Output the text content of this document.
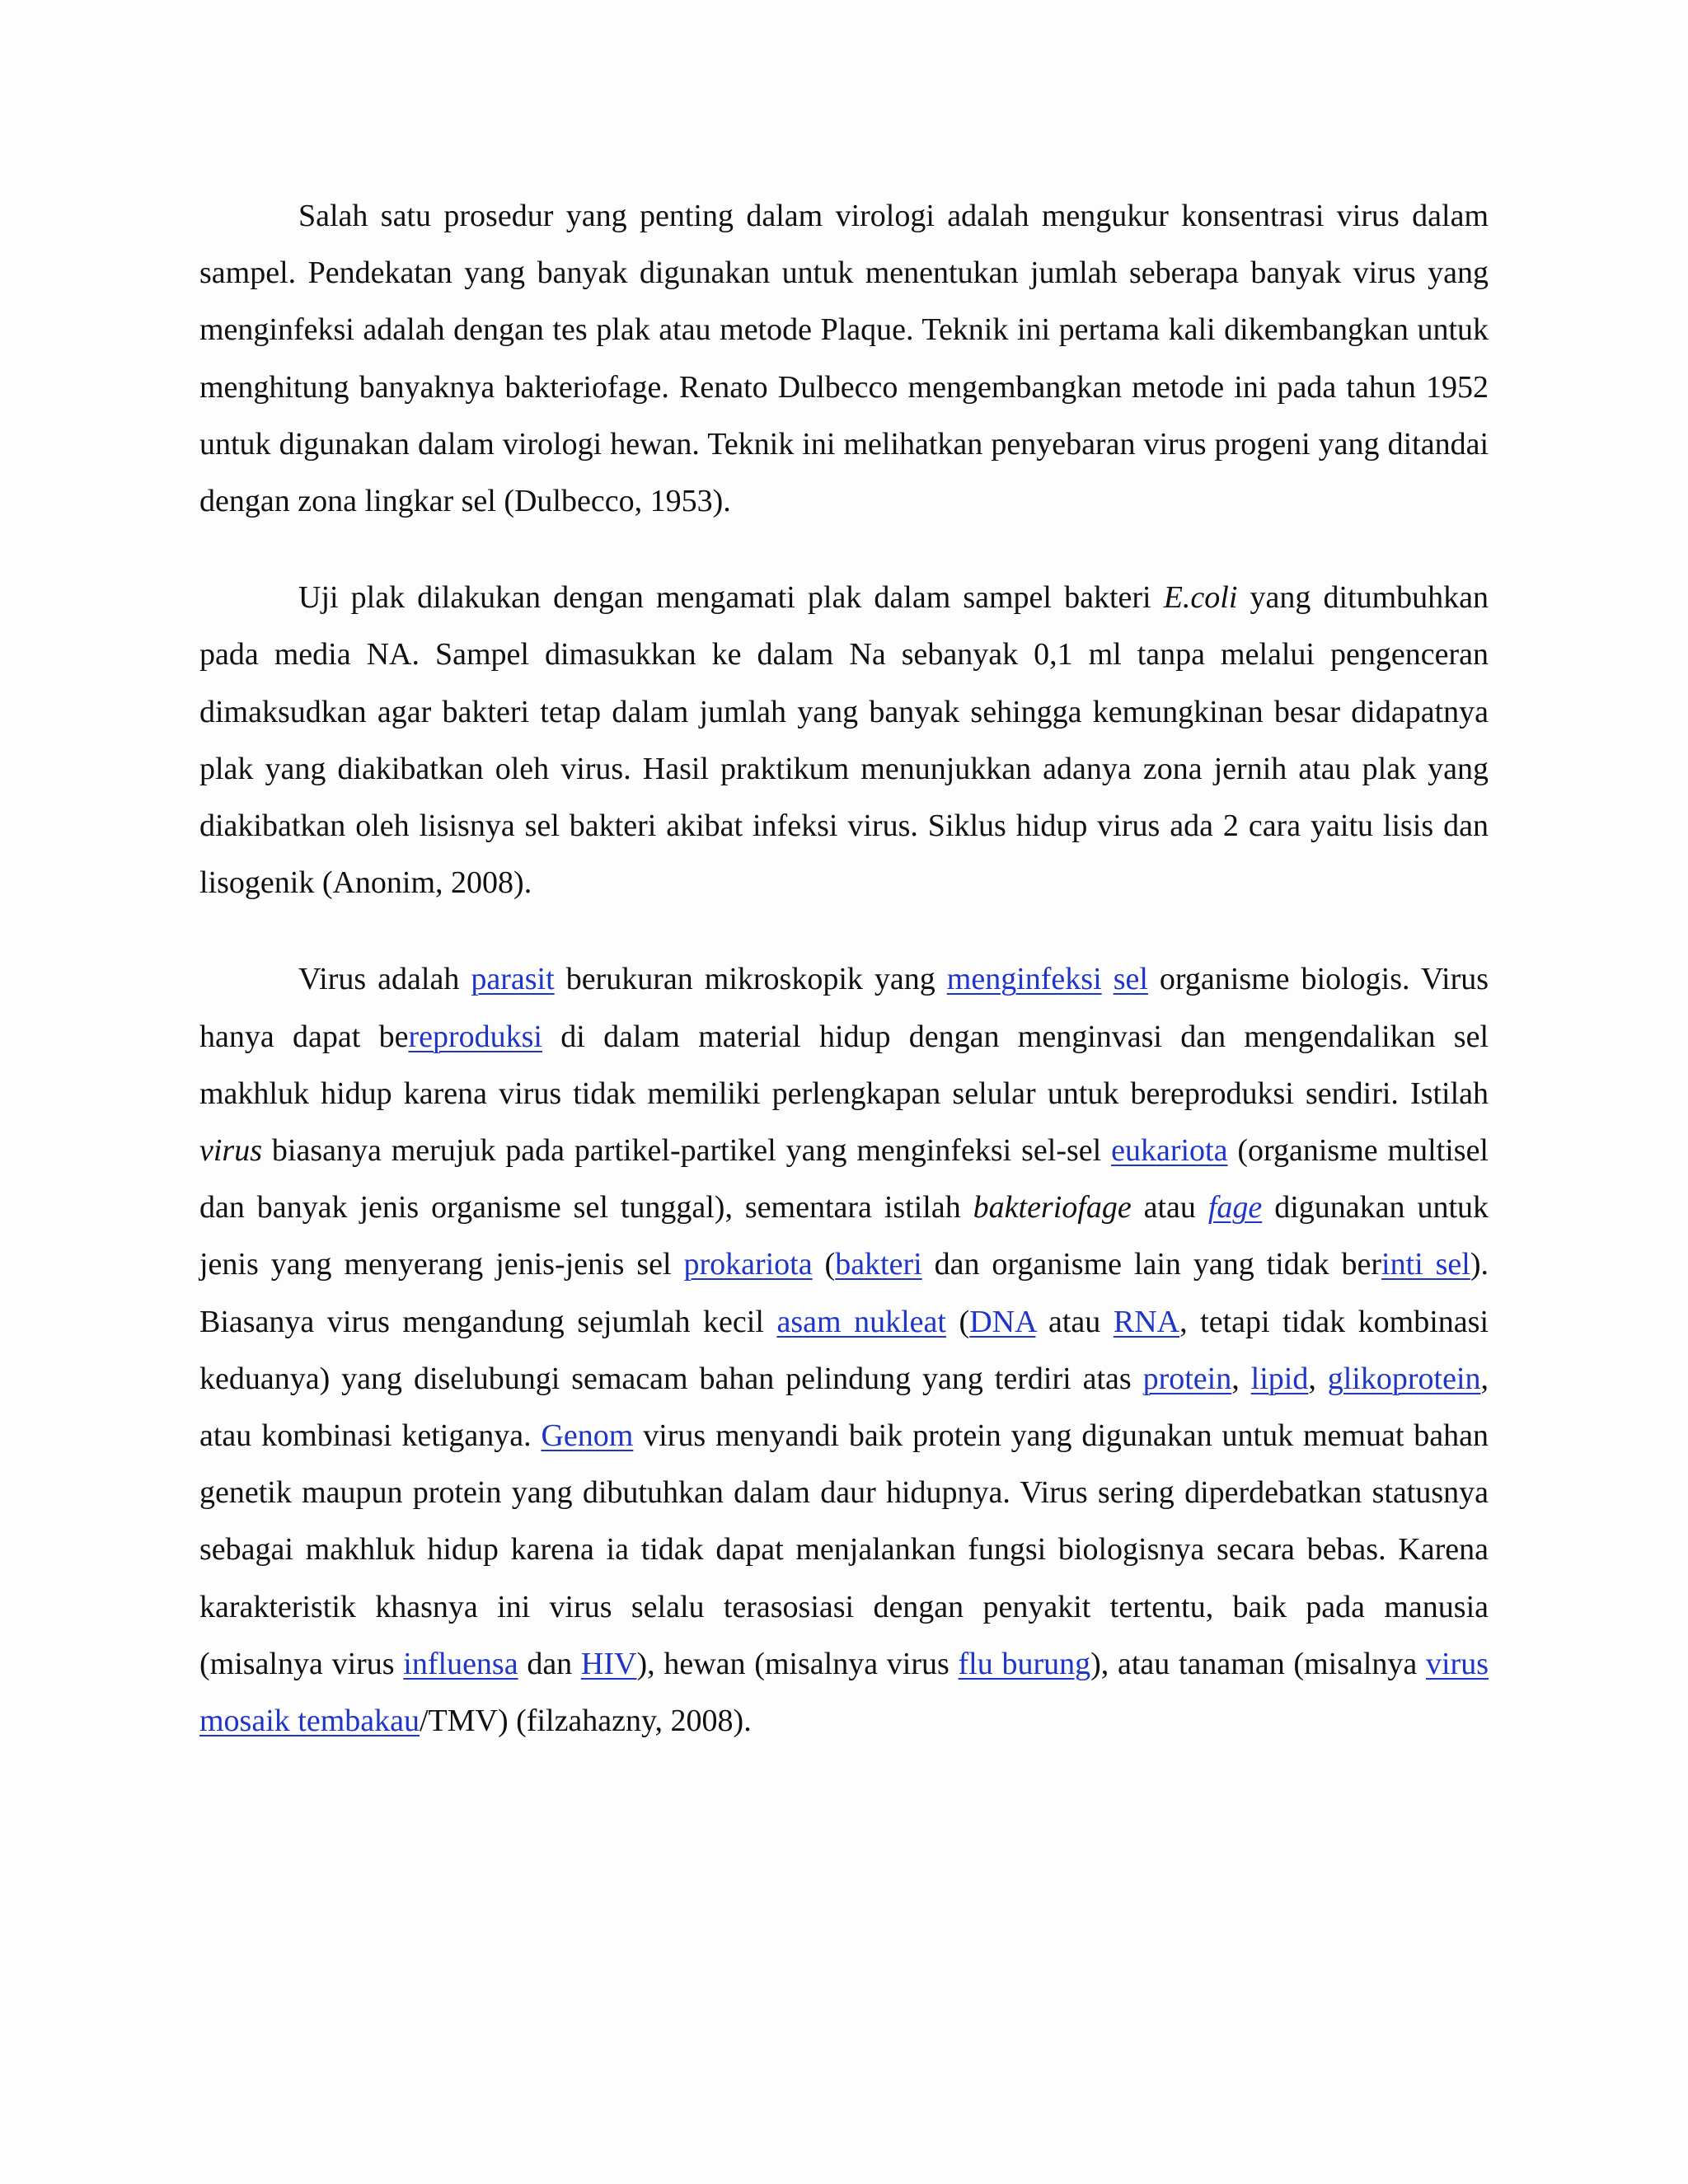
Salah satu prosedur yang penting dalam virologi adalah mengukur konsentrasi virus dalam sampel. Pendekatan yang banyak digunakan untuk menentukan jumlah seberapa banyak virus yang menginfeksi adalah dengan tes plak atau metode Plaque. Teknik ini pertama kali dikembangkan untuk menghitung banyaknya bakteriofage. Renato Dulbecco mengembangkan metode ini pada tahun 1952 untuk digunakan dalam virologi hewan. Teknik ini melihatkan penyebaran virus progeni yang ditandai dengan zona lingkar sel (Dulbecco, 1953).

Uji plak dilakukan dengan mengamati plak dalam sampel bakteri E.coli yang ditumbuhkan pada media NA. Sampel dimasukkan ke dalam Na sebanyak 0,1 ml tanpa melalui pengenceran dimaksudkan agar bakteri tetap dalam jumlah yang banyak sehingga kemungkinan besar didapatnya plak yang diakibatkan oleh virus. Hasil praktikum menunjukkan adanya zona jernih atau plak yang diakibatkan oleh lisisnya sel bakteri akibat infeksi virus. Siklus hidup virus ada 2 cara yaitu lisis dan lisogenik (Anonim, 2008).

Virus adalah parasit berukuran mikroskopik yang menginfeksi sel organisme biologis. Virus hanya dapat bereproduksi di dalam material hidup dengan menginvasi dan mengendalikan sel makhluk hidup karena virus tidak memiliki perlengkapan selular untuk bereproduksi sendiri. Istilah virus biasanya merujuk pada partikel-partikel yang menginfeksi sel-sel eukariota (organisme multisel dan banyak jenis organisme sel tunggal), sementara istilah bakteriofage atau fage digunakan untuk jenis yang menyerang jenis-jenis sel prokariota (bakteri dan organisme lain yang tidak berinti sel). Biasanya virus mengandung sejumlah kecil asam nukleat (DNA atau RNA, tetapi tidak kombinasi keduanya) yang diselubungi semacam bahan pelindung yang terdiri atas protein, lipid, glikoprotein, atau kombinasi ketiganya. Genom virus menyandi baik protein yang digunakan untuk memuat bahan genetik maupun protein yang dibutuhkan dalam daur hidupnya. Virus sering diperdebatkan statusnya sebagai makhluk hidup karena ia tidak dapat menjalankan fungsi biologisnya secara bebas. Karena karakteristik khasnya ini virus selalu terasosiasi dengan penyakit tertentu, baik pada manusia (misalnya virus influensa dan HIV), hewan (misalnya virus flu burung), atau tanaman (misalnya virus mosaik tembakau/TMV) (filzahazny, 2008).
